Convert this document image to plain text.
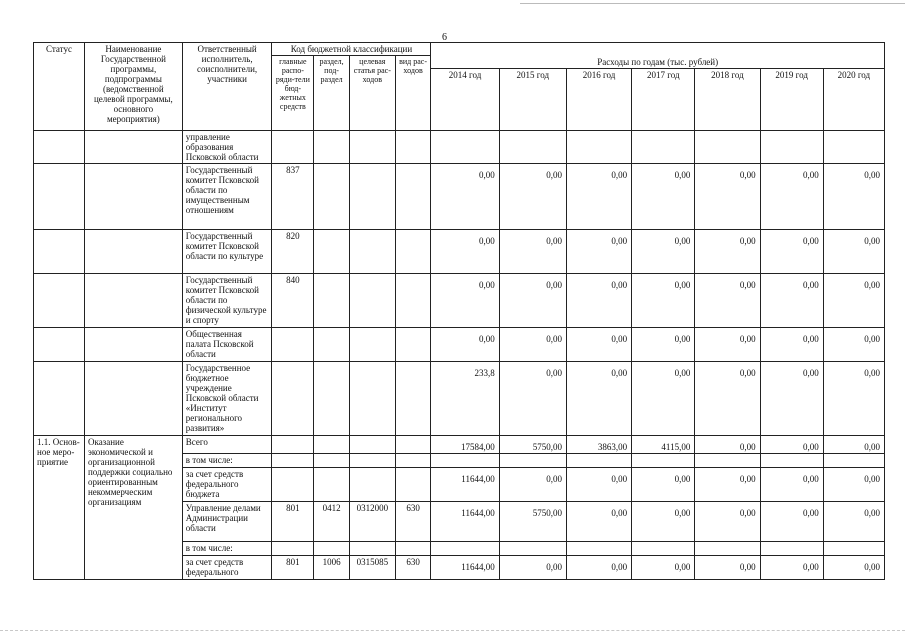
6
Статус	Наименование Государственной программы, подпрограммы (ведомственной целевой программы, основного мероприятия)	Ответственный исполнитель, соисполнители, участники	Код бюджетной классификации										
			главные распо-ряди-тели бюд-жетных средств	раздел, под-раздел	целевая статья рас-ходов	вид рас-ходов	Расходы по годам (тыс. рублей)						
							2014 год	2015 год	2016 год	2017 год	2018 год	2019 год	2020 год
		управление образования Псковской области											
		Государственный комитет Псковской области по имущественным отношениям	837				0,00	0,00	0,00	0,00	0,00	0,00	0,00
		Государственный комитет Псковской области по культуре	820				0,00	0,00	0,00	0,00	0,00	0,00	0,00
		Государственный комитет Псковской области по физической культуре и спорту	840				0,00	0,00	0,00	0,00	0,00	0,00	0,00
		Общественная палата Псковской области					0,00	0,00	0,00	0,00	0,00	0,00	0,00
		Государственное бюджетное учреждение Псковской области «Институт регионального развития»					233,8	0,00	0,00	0,00	0,00	0,00	0,00
1.1. Основ-ное меро-приятие	Оказание экономической и организационной поддержки социально ориентированным некоммерческим организациям	Всего					17584,00	5750,00	3863,00	4115,00	0,00	0,00	0,00
		в том числе:											
		за счет средств федерального бюджета					11644,00	0,00	0,00	0,00	0,00	0,00	0,00
		Управление делами Администрации области	801	0412	0312000	630	11644,00	5750,00	0,00	0,00	0,00	0,00	0,00
		в том числе:											
		за счет средств федерального	801	1006	0315085	630	11644,00	0,00	0,00	0,00	0,00	0,00	0,00
